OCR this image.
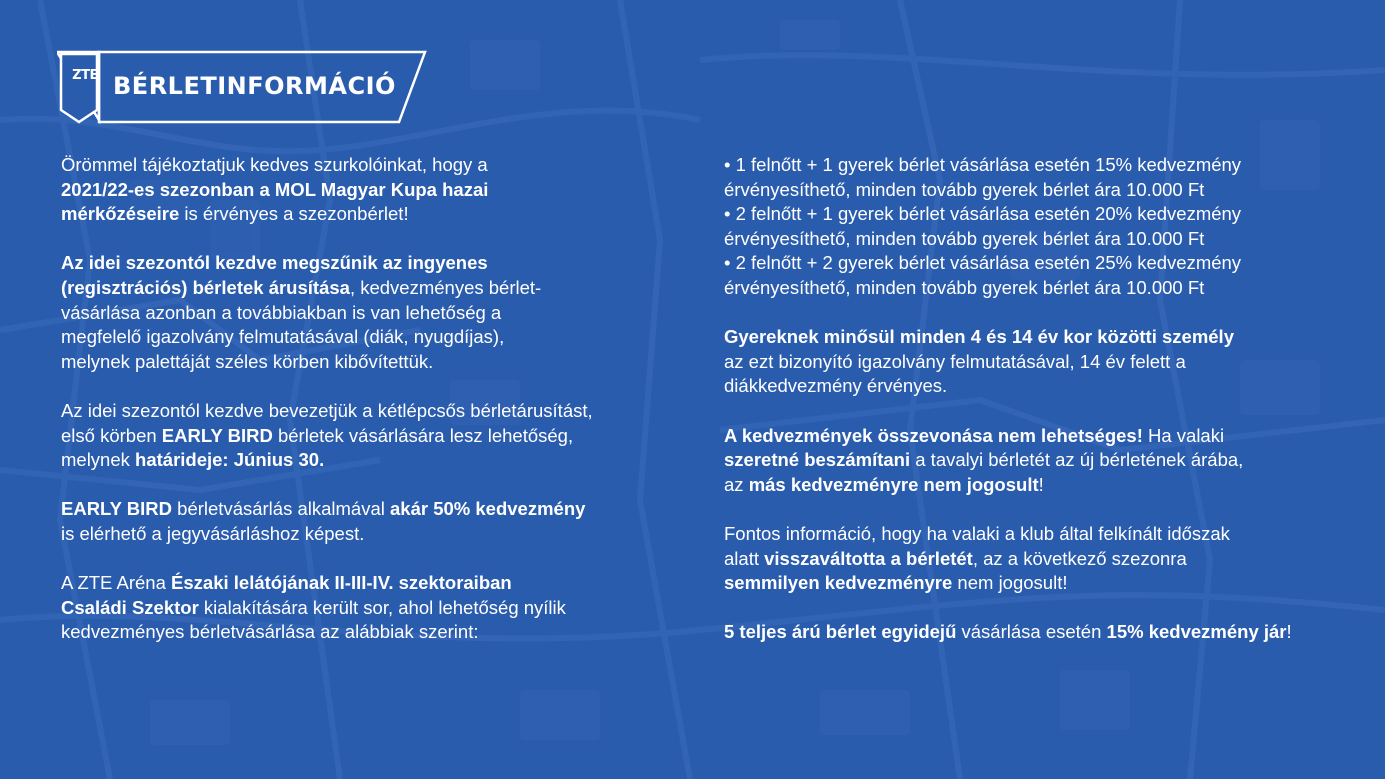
ZTE BÉRLETINFORMÁCIÓ

Örömmel tájékoztatjuk kedves szurkolóinkat, hogy a
2021/22-es szezonban a MOL Magyar Kupa hazai
mérkőzéseire is érvényes a szezonbérlet!

Az idei szezontól kezdve megszűnik az ingyenes
(regisztrációs) bérletek árusítása, kedvezményes bérlet-
vásárlása azonban a továbbiakban is van lehetőség a
megfelelő igazolvány felmutatásával (diák, nyugdíjas),
melynek palettáját széles körben kibővítettük.

Az idei szezontól kezdve bevezetjük a kétlépcsős bérletárusítást,
első körben EARLY BIRD bérletek vásárlására lesz lehetőség,
melynek határideje: Június 30.

EARLY BIRD bérletvásárlás alkalmával akár 50% kedvezmény
is elérhető a jegyvásárláshoz képest.

A ZTE Aréna Északi lelátójának II-III-IV. szektoraiban
Családi Szektor kialakítására került sor, ahol lehetőség nyílik
kedvezményes bérletvásárlása az alábbiak szerint:

• 1 felnőtt + 1 gyerek bérlet vásárlása esetén 15% kedvezmény
érvényesíthető, minden tovább gyerek bérlet ára 10.000 Ft

• 2 felnőtt + 1 gyerek bérlet vásárlása esetén 20% kedvezmény
érvényesíthető, minden tovább gyerek bérlet ára 10.000 Ft

• 2 felnőtt + 2 gyerek bérlet vásárlása esetén 25% kedvezmény
érvényesíthető, minden tovább gyerek bérlet ára 10.000 Ft

Gyereknek minősül minden 4 és 14 év kor közötti személy
az ezt bizonyító igazolvány felmutatásával, 14 év felett a
diákkedvezmény érvényes.

A kedvezmények összevonása nem lehetséges! Ha valaki
szeretné beszámítani a tavalyi bérletét az új bérletének árába,
az más kedvezményre nem jogosult!

Fontos információ, hogy ha valaki a klub által felkínált időszak
alatt visszaváltotta a bérletét, az a következő szezonra
semmilyen kedvezményre nem jogosult!

5 teljes árú bérlet egyidejű vásárlása esetén 15% kedvezmény jár!
